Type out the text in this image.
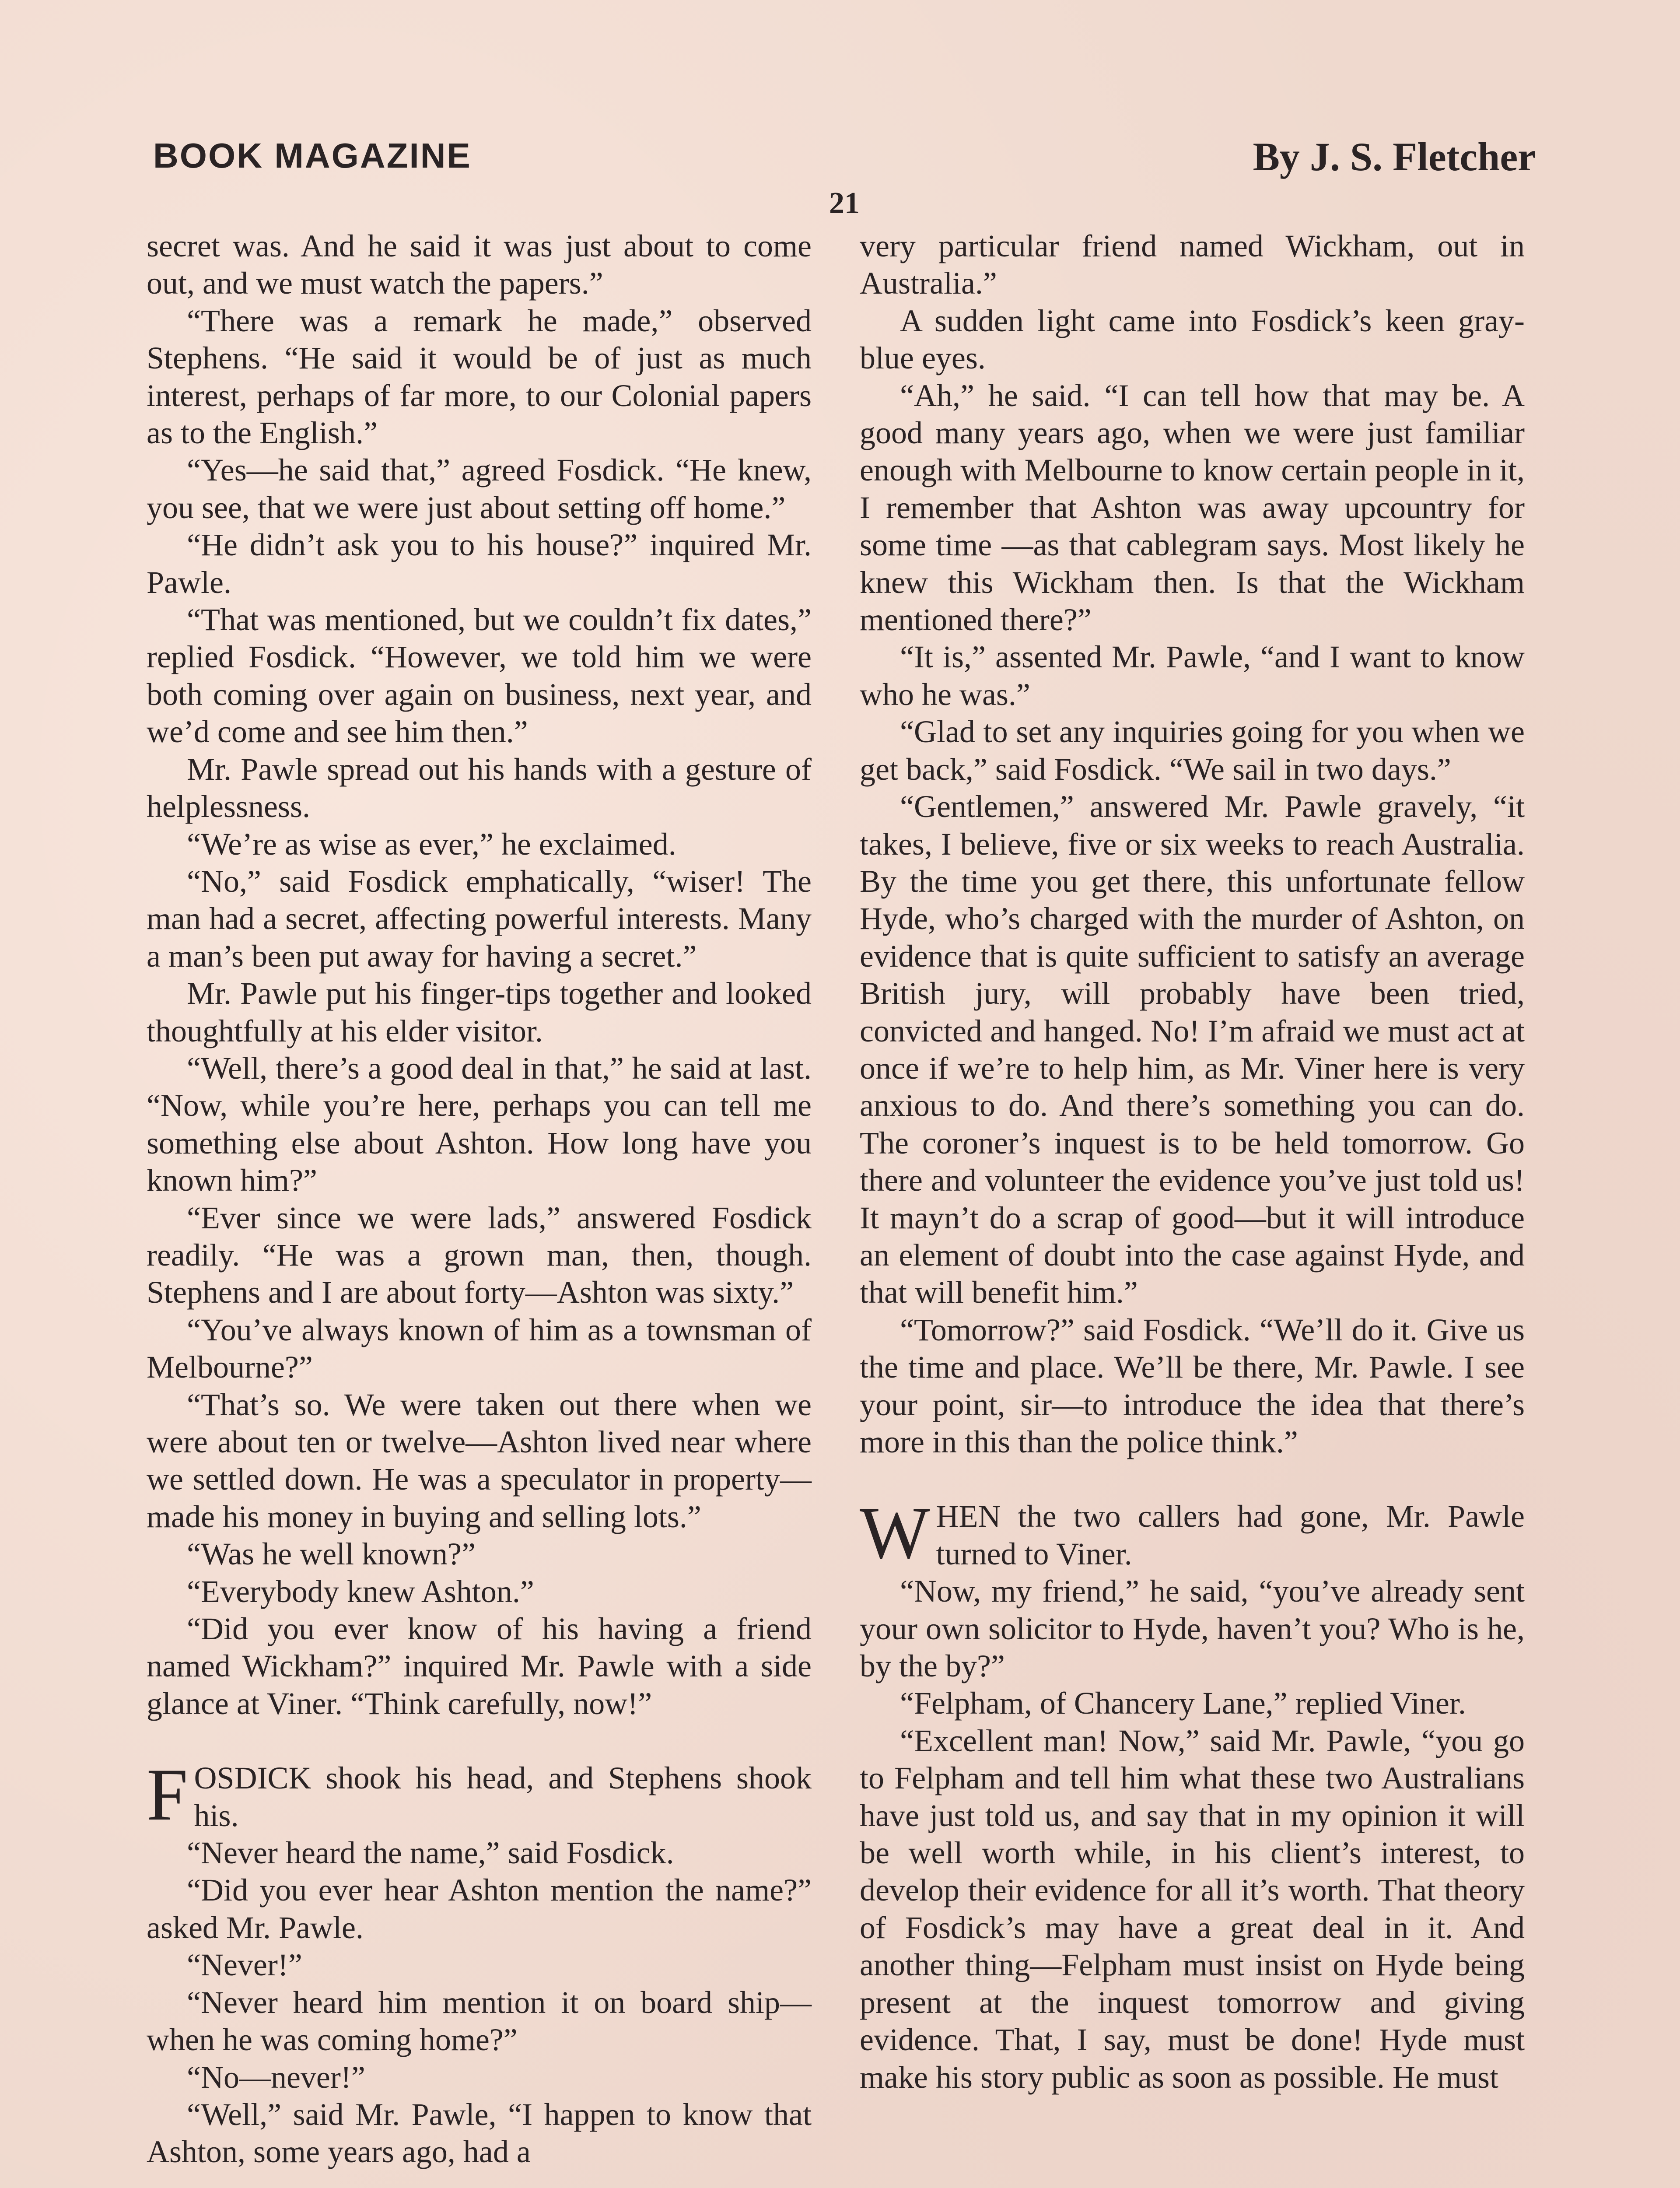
BOOK MAGAZINE	By J. S. Fletcher
21

secret was. And he said it was just about to come out, and we must watch the papers.”

“There was a remark he made,” observed Stephens. “He said it would be of just as much interest, perhaps of far more, to our Colonial papers as to the English.”

“Yes—he said that,” agreed Fosdick. “He knew, you see, that we were just about setting off home.”

“He didn’t ask you to his house?” inquired Mr. Pawle.

“That was mentioned, but we couldn’t fix dates,” replied Fosdick. “However, we told him we were both coming over again on business, next year, and we’d come and see him then.”

Mr. Pawle spread out his hands with a gesture of helplessness.

“We’re as wise as ever,” he exclaimed.

“No,” said Fosdick emphatically, “wiser! The man had a secret, affecting powerful interests. Many a man’s been put away for having a secret.”

Mr. Pawle put his finger-tips together and looked thoughtfully at his elder visitor.

“Well, there’s a good deal in that,” he said at last. “Now, while you’re here, perhaps you can tell me something else about Ashton. How long have you known him?”

“Ever since we were lads,” answered Fosdick readily. “He was a grown man, then, though. Stephens and I are about forty—Ashton was sixty.”

“You’ve always known of him as a townsman of Melbourne?”

“That’s so. We were taken out there when we were about ten or twelve—Ashton lived near where we settled down. He was a speculator in property—made his money in buying and selling lots.”

“Was he well known?”

“Everybody knew Ashton.”

“Did you ever know of his having a friend named Wickham?” inquired Mr. Pawle with a side glance at Viner. “Think carefully, now!”

FOSDICK shook his head, and Stephens shook his.

“Never heard the name,” said Fosdick.

“Did you ever hear Ashton mention the name?” asked Mr. Pawle.

“Never!”

“Never heard him mention it on board ship—when he was coming home?”

“No—never!”

“Well,” said Mr. Pawle, “I happen to know that Ashton, some years ago, had a

very particular friend named Wickham, out in Australia.”

A sudden light came into Fosdick’s keen gray-blue eyes.

“Ah,” he said. “I can tell how that may be. A good many years ago, when we were just familiar enough with Melbourne to know certain people in it, I remember that Ashton was away upcountry for some time —as that cablegram says. Most likely he knew this Wickham then. Is that the Wickham mentioned there?”

“It is,” assented Mr. Pawle, “and I want to know who he was.”

“Glad to set any inquiries going for you when we get back,” said Fosdick. “We sail in two days.”

“Gentlemen,” answered Mr. Pawle gravely, “it takes, I believe, five or six weeks to reach Australia. By the time you get there, this unfortunate fellow Hyde, who’s charged with the murder of Ashton, on evidence that is quite sufficient to satisfy an average British jury, will probably have been tried, convicted and hanged. No! I’m afraid we must act at once if we’re to help him, as Mr. Viner here is very anxious to do. And there’s something you can do. The coroner’s inquest is to be held tomorrow. Go there and volunteer the evidence you’ve just told us! It mayn’t do a scrap of good—but it will introduce an element of doubt into the case against Hyde, and that will benefit him.”

“Tomorrow?” said Fosdick. “We’ll do it. Give us the time and place. We’ll be there, Mr. Pawle. I see your point, sir—to introduce the idea that there’s more in this than the police think.”

WHEN the two callers had gone, Mr. Pawle turned to Viner.

“Now, my friend,” he said, “you’ve already sent your own solicitor to Hyde, haven’t you? Who is he, by the by?”

“Felpham, of Chancery Lane,” replied Viner.

“Excellent man! Now,” said Mr. Pawle, “you go to Felpham and tell him what these two Australians have just told us, and say that in my opinion it will be well worth while, in his client’s interest, to develop their evidence for all it’s worth. That theory of Fosdick’s may have a great deal in it. And another thing—Felpham must insist on Hyde being present at the inquest tomorrow and giving evidence. That, I say, must be done! Hyde must make his story public as soon as possible. He must
